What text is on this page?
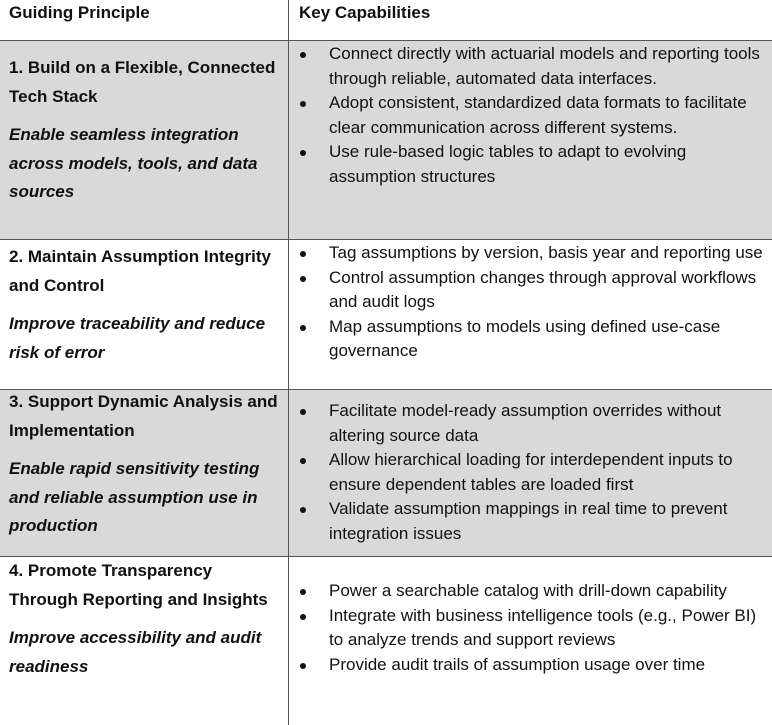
Guiding Principle	Key Capabilities

1. Build on a Flexible, Connected Tech Stack

Enable seamless integration across models, tools, and data sources

Connect directly with actuarial models and reporting tools through reliable, automated data interfaces.
Adopt consistent, standardized data formats to facilitate clear communication across different systems.
Use rule-based logic tables to adapt to evolving assumption structures

2. Maintain Assumption Integrity and Control

Improve traceability and reduce risk of error

Tag assumptions by version, basis year and reporting use
Control assumption changes through approval workflows and audit logs
Map assumptions to models using defined use-case governance

3. Support Dynamic Analysis and Implementation

Enable rapid sensitivity testing and reliable assumption use in production

Facilitate model-ready assumption overrides without altering source data
Allow hierarchical loading for interdependent inputs to ensure dependent tables are loaded first
Validate assumption mappings in real time to prevent integration issues

4. Promote Transparency Through Reporting and Insights

Improve accessibility and audit readiness

Power a searchable catalog with drill-down capability
Integrate with business intelligence tools (e.g., Power BI) to analyze trends and support reviews
Provide audit trails of assumption usage over time
